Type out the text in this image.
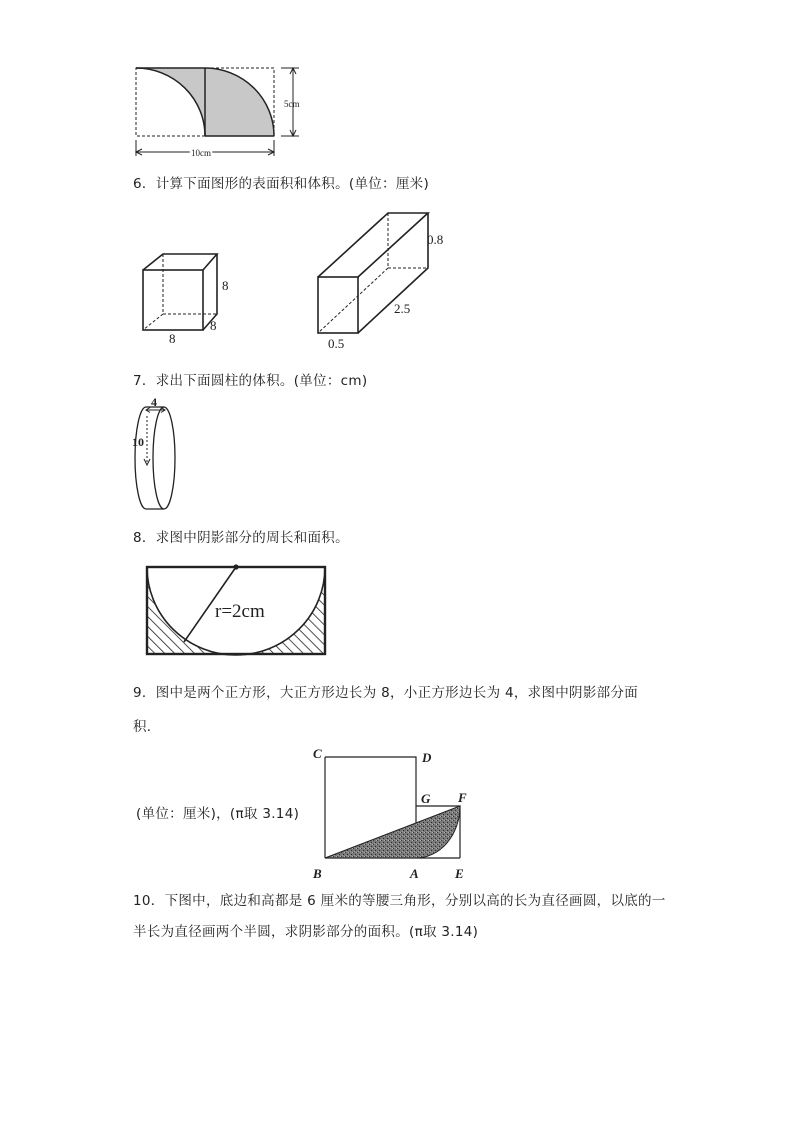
5cm
10cm
6．计算下面图形的表面积和体积。(单位：厘米)
8
8
8
0.8
2.5
0.5
7．求出下面圆柱的体积。(单位：cm)
4
10
8．求图中阴影部分的周长和面积。
r=2cm
9．图中是两个正方形，大正方形边长为 8，小正方形边长为 4，求图中阴影部分面
积．
(单位：厘米)，(π取 3.14)
C	D
G F
B	A	E
10．下图中，底边和高都是 6 厘米的等腰三角形，分别以高的长为直径画圆，以底的一
半长为直径画两个半圆，求阴影部分的面积。(π取 3.14)
